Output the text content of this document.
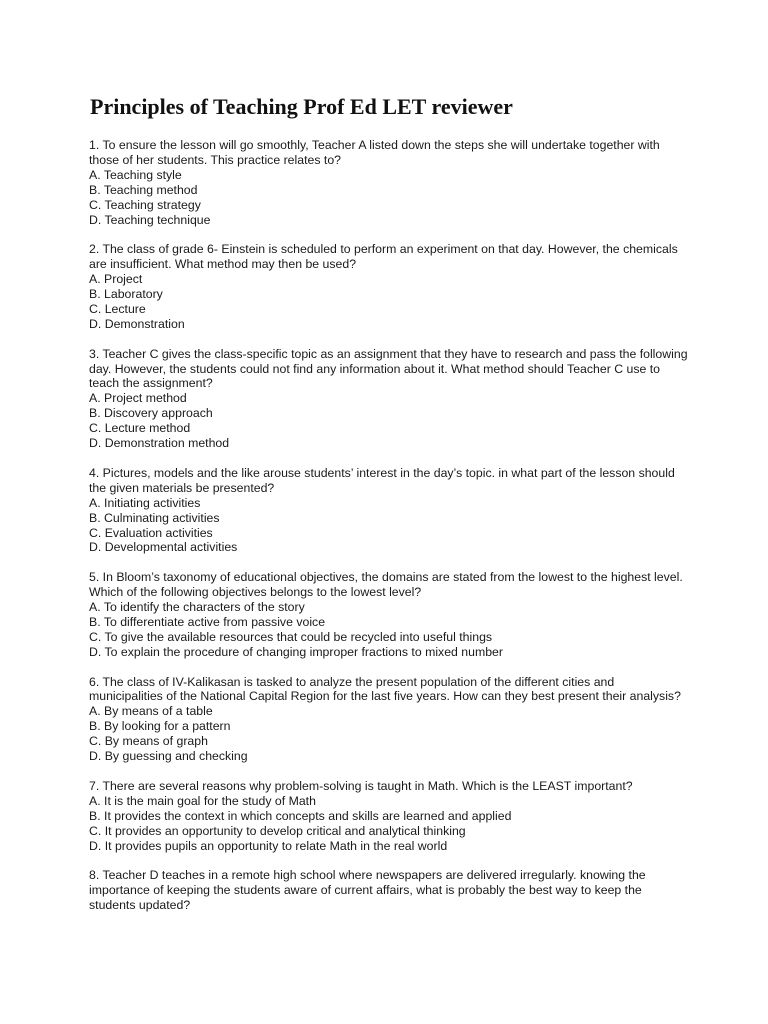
Principles of Teaching Prof Ed LET reviewer
1. To ensure the lesson will go smoothly, Teacher A listed down the steps she will undertake together with those of her students. This practice relates to?
A. Teaching style
B. Teaching method
C. Teaching strategy
D. Teaching technique
2. The class of grade 6- Einstein is scheduled to perform an experiment on that day. However, the chemicals are insufficient. What method may then be used?
A. Project
B. Laboratory
C. Lecture
D. Demonstration
3. Teacher C gives the class-specific topic as an assignment that they have to research and pass the following day. However, the students could not find any information about it. What method should Teacher C use to teach the assignment?
A. Project method
B. Discovery approach
C. Lecture method
D. Demonstration method
4. Pictures, models and the like arouse students’ interest in the day’s topic. in what part of the lesson should the given materials be presented?
A. Initiating activities
B. Culminating activities
C. Evaluation activities
D. Developmental activities
5. In Bloom’s taxonomy of educational objectives, the domains are stated from the lowest to the highest level. Which of the following objectives belongs to the lowest level?
A. To identify the characters of the story
B. To differentiate active from passive voice
C. To give the available resources that could be recycled into useful things
D. To explain the procedure of changing improper fractions to mixed number
6. The class of IV-Kalikasan is tasked to analyze the present population of the different cities and municipalities of the National Capital Region for the last five years. How can they best present their analysis?
A. By means of a table
B. By looking for a pattern
C. By means of graph
D. By guessing and checking
7. There are several reasons why problem-solving is taught in Math. Which is the LEAST important?
A. It is the main goal for the study of Math
B. It provides the context in which concepts and skills are learned and applied
C. It provides an opportunity to develop critical and analytical thinking
D. It provides pupils an opportunity to relate Math in the real world
8. Teacher D teaches in a remote high school where newspapers are delivered irregularly. knowing the importance of keeping the students aware of current affairs, what is probably the best way to keep the students updated?
